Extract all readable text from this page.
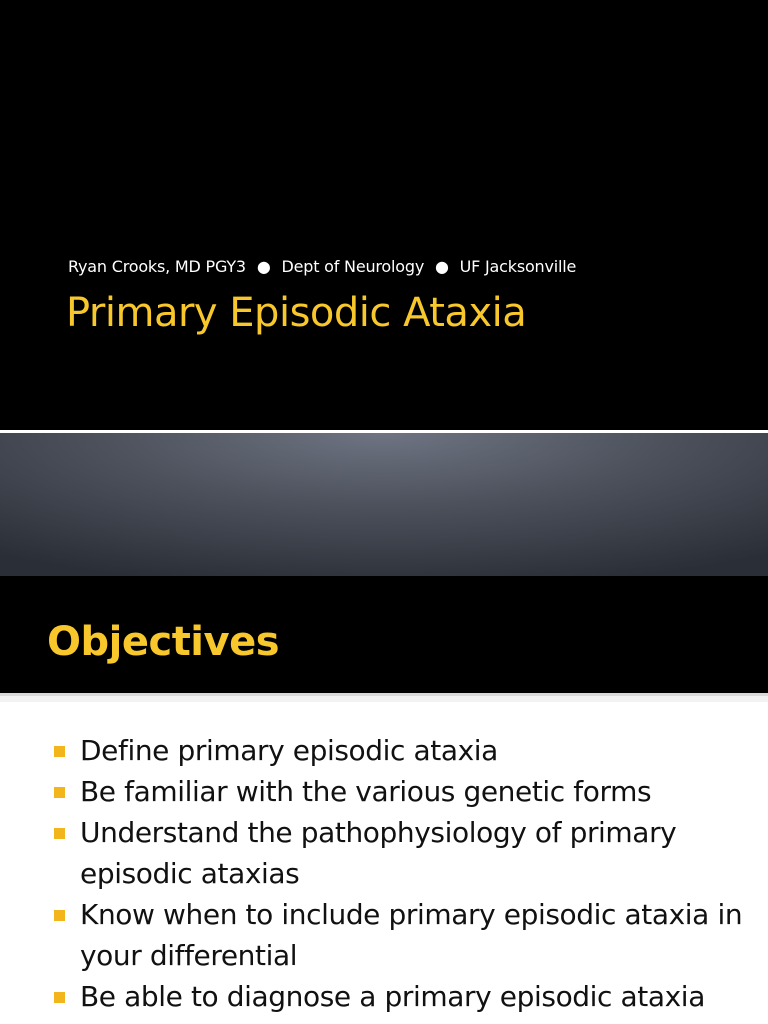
Ryan Crooks, MD PGY3 ● Dept of Neurology ● UF Jacksonville
Primary Episodic Ataxia
Objectives
Define primary episodic ataxia
Be familiar with the various genetic forms
Understand the pathophysiology of primary episodic ataxias
Know when to include primary episodic ataxia in your differential
Be able to diagnose a primary episodic ataxia
